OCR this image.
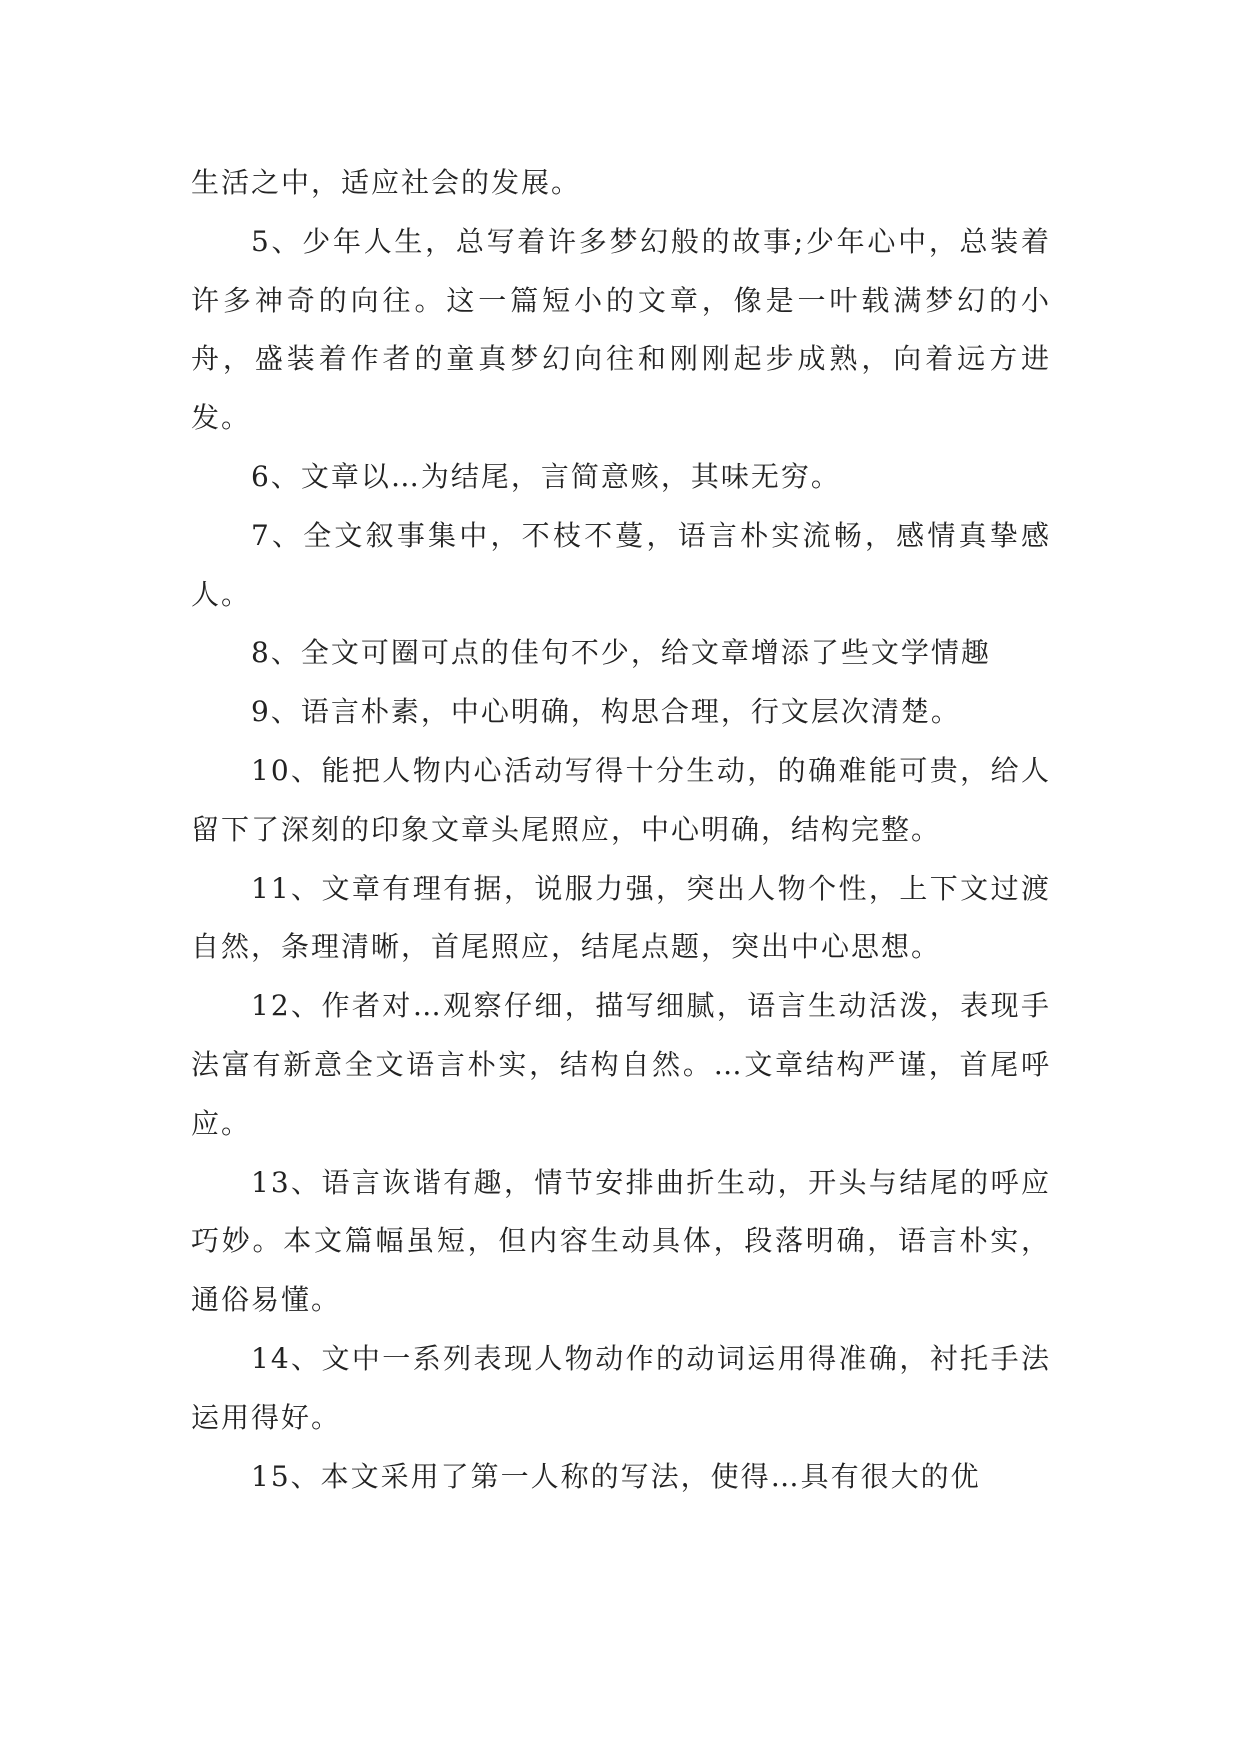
生活之中，适应社会的发展。

5、少年人生，总写着许多梦幻般的故事;少年心中，总装着许多神奇的向往。这一篇短小的文章，像是一叶载满梦幻的小舟，盛装着作者的童真梦幻向往和刚刚起步成熟，向着远方进发。

6、文章以…为结尾，言简意赅，其味无穷。

7、全文叙事集中，不枝不蔓，语言朴实流畅，感情真挚感人。

8、全文可圈可点的佳句不少，给文章增添了些文学情趣

9、语言朴素，中心明确，构思合理，行文层次清楚。

10、能把人物内心活动写得十分生动，的确难能可贵，给人留下了深刻的印象文章头尾照应，中心明确，结构完整。

11、文章有理有据，说服力强，突出人物个性，上下文过渡自然，条理清晰，首尾照应，结尾点题，突出中心思想。

12、作者对…观察仔细，描写细腻，语言生动活泼，表现手法富有新意全文语言朴实，结构自然。…文章结构严谨，首尾呼应。

13、语言诙谐有趣，情节安排曲折生动，开头与结尾的呼应巧妙。本文篇幅虽短，但内容生动具体，段落明确，语言朴实，通俗易懂。

14、文中一系列表现人物动作的动词运用得准确，衬托手法运用得好。

15、本文采用了第一人称的写法，使得…具有很大的优
